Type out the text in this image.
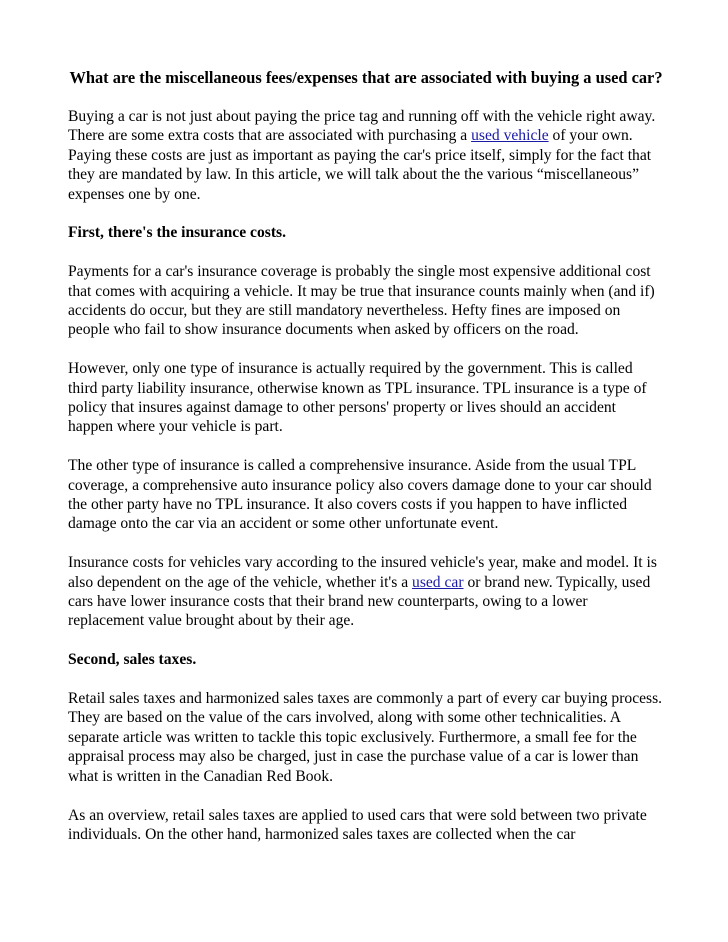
What are the miscellaneous fees/expenses that are associated with buying a used car?

Buying a car is not just about paying the price tag and running off with the vehicle right away. There are some extra costs that are associated with purchasing a used vehicle of your own. Paying these costs are just as important as paying the car's price itself, simply for the fact that they are mandated by law. In this article, we will talk about the the various “miscellaneous” expenses one by one.

First, there's the insurance costs.

Payments for a car's insurance coverage is probably the single most expensive additional cost that comes with acquiring a vehicle. It may be true that insurance counts mainly when (and if) accidents do occur, but they are still mandatory nevertheless. Hefty fines are imposed on people who fail to show insurance documents when asked by officers on the road.

However, only one type of insurance is actually required by the government. This is called third party liability insurance, otherwise known as TPL insurance. TPL insurance is a type of policy that insures against damage to other persons' property or lives should an accident happen where your vehicle is part.

The other type of insurance is called a comprehensive insurance. Aside from the usual TPL coverage, a comprehensive auto insurance policy also covers damage done to your car should the other party have no TPL insurance. It also covers costs if you happen to have inflicted damage onto the car via an accident or some other unfortunate event.

Insurance costs for vehicles vary according to the insured vehicle's year, make and model. It is also dependent on the age of the vehicle, whether it's a used car or brand new. Typically, used cars have lower insurance costs that their brand new counterparts, owing to a lower replacement value brought about by their age.

Second, sales taxes.

Retail sales taxes and harmonized sales taxes are commonly a part of every car buying process. They are based on the value of the cars involved, along with some other technicalities. A separate article was written to tackle this topic exclusively. Furthermore, a small fee for the appraisal process may also be charged, just in case the purchase value of a car is lower than what is written in the Canadian Red Book.

As an overview, retail sales taxes are applied to used cars that were sold between two private individuals. On the other hand, harmonized sales taxes are collected when the car
